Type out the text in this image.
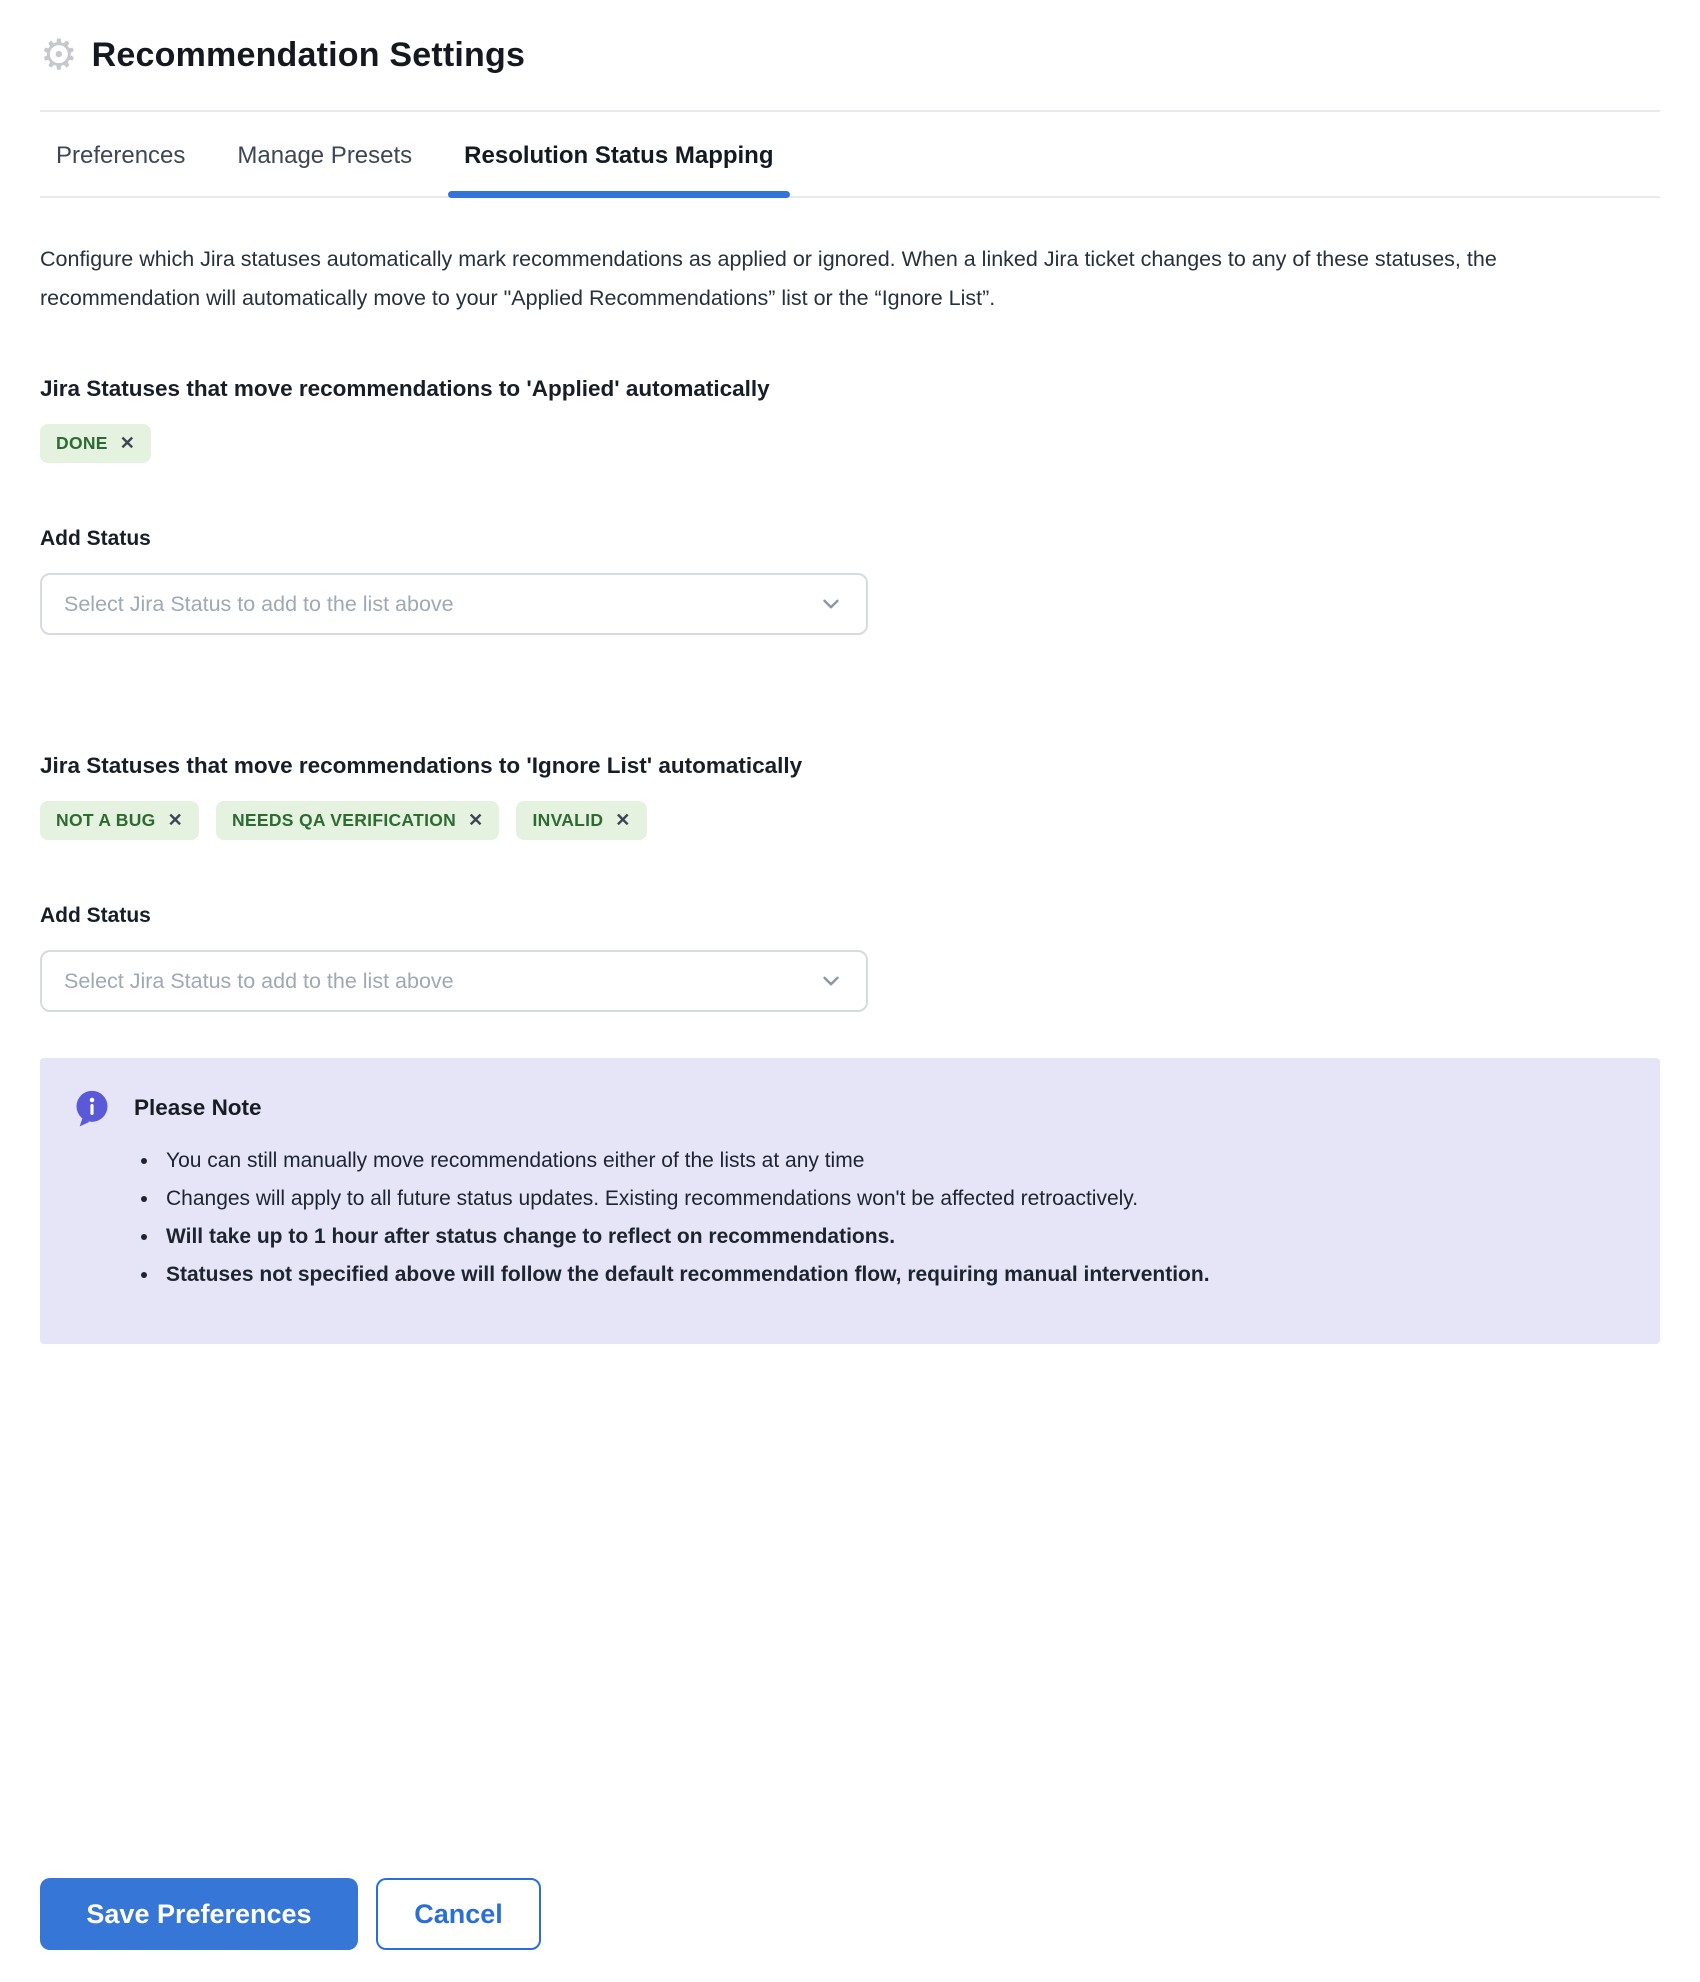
⚙ Recommendation Settings
Preferences	Manage Presets	Resolution Status Mapping

Configure which Jira statuses automatically mark recommendations as applied or ignored. When a linked Jira ticket changes to any of these statuses, the recommendation will automatically move to your "Applied Recommendations” list or the “Ignore List”.

Jira Statuses that move recommendations to 'Applied' automatically
DONE ✕
Add Status
Select Jira Status to add to the list above
Jira Statuses that move recommendations to 'Ignore List' automatically
NOT A BUG ✕	NEEDS QA VERIFICATION ✕	INVALID ✕
Add Status
Select Jira Status to add to the list above
Please Note
• You can still manually move recommendations either of the lists at any time
• Changes will apply to all future status updates. Existing recommendations won't be affected retroactively.
• Will take up to 1 hour after status change to reflect on recommendations.
• Statuses not specified above will follow the default recommendation flow, requiring manual intervention.
Save Preferences	Cancel
